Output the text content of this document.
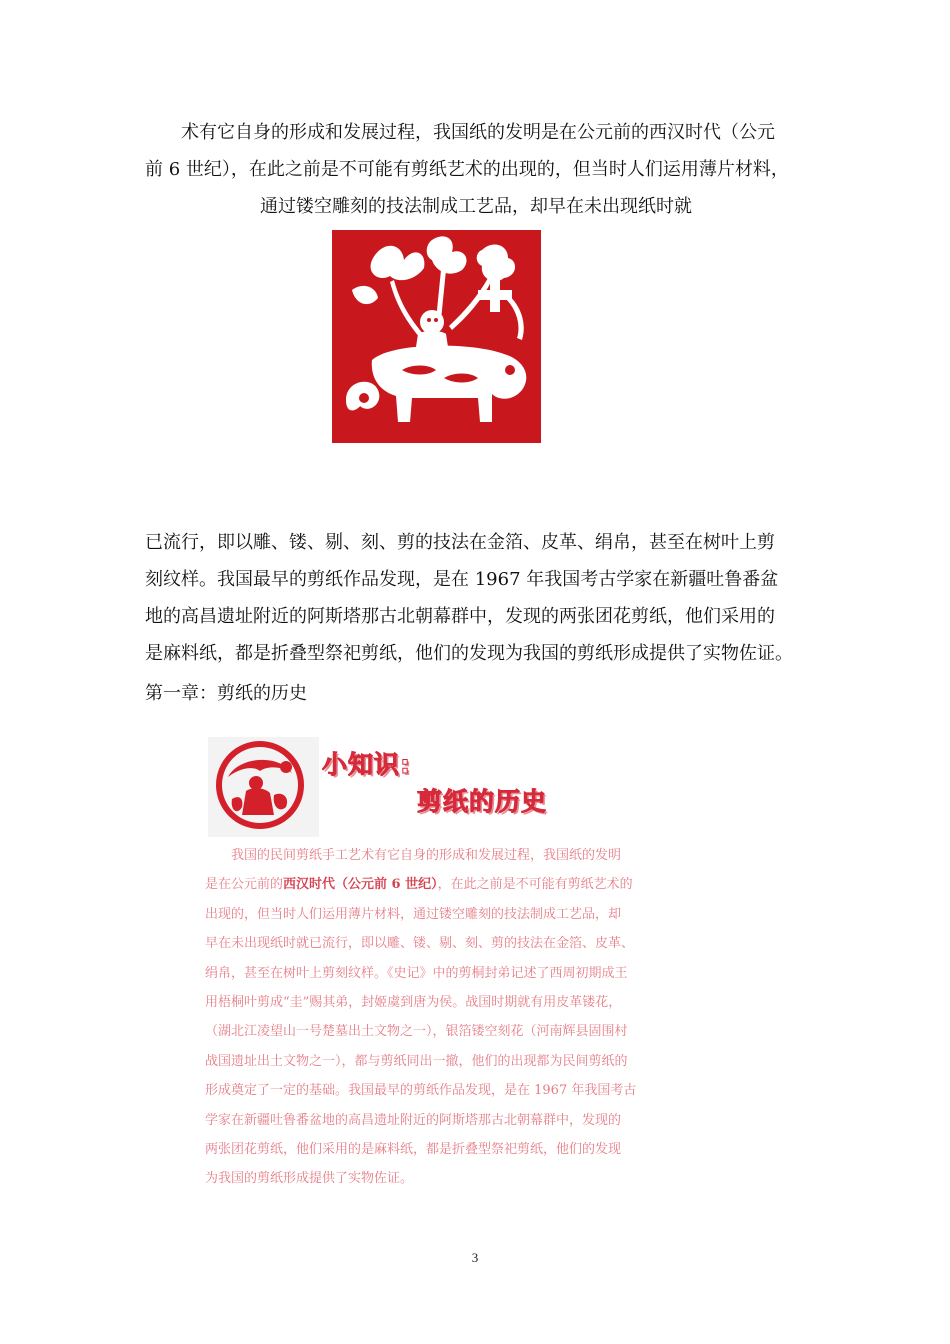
术有它自身的形成和发展过程，我国纸的发明是在公元前的西汉时代（公元
前 6 世纪），在此之前是不可能有剪纸艺术的出现的，但当时人们运用薄片材料，
通过镂空雕刻的技法制成工艺品，却早在未出现纸时就
已流行，即以雕、镂、剔、刻、剪的技法在金箔、皮革、绢帛，甚至在树叶上剪
刻纹样。我国最早的剪纸作品发现，是在 1967 年我国考古学家在新疆吐鲁番盆
地的高昌遗址附近的阿斯塔那古北朝幕群中，发现的两张团花剪纸，他们采用的
是麻料纸，都是折叠型祭祀剪纸，他们的发现为我国的剪纸形成提供了实物佐证。
第一章：剪纸的历史
小知识:
剪纸的历史
我国的民间剪纸手工艺术有它自身的形成和发展过程，我国纸的发明
是在公元前的西汉时代（公元前 6 世纪），在此之前是不可能有剪纸艺术的
出现的，但当时人们运用薄片材料，通过镂空雕刻的技法制成工艺品，却
早在未出现纸时就已流行，即以雕、镂、剔、刻、剪的技法在金箔、皮革、
绢帛，甚至在树叶上剪刻纹样。《史记》中的剪桐封弟记述了西周初期成王
用梧桐叶剪成“圭”赐其弟，封姬虞到唐为侯。战国时期就有用皮革镂花，
（湖北江凌望山一号楚墓出土文物之一），银箔镂空刻花（河南辉县固围村
战国遗址出土文物之一），都与剪纸同出一撤，他们的出现都为民间剪纸的
形成奠定了一定的基础。我国最早的剪纸作品发现，是在 1967 年我国考古
学家在新疆吐鲁番盆地的高昌遗址附近的阿斯塔那古北朝幕群中，发现的
两张团花剪纸，他们采用的是麻料纸，都是折叠型祭祀剪纸，他们的发现
为我国的剪纸形成提供了实物佐证。
3
